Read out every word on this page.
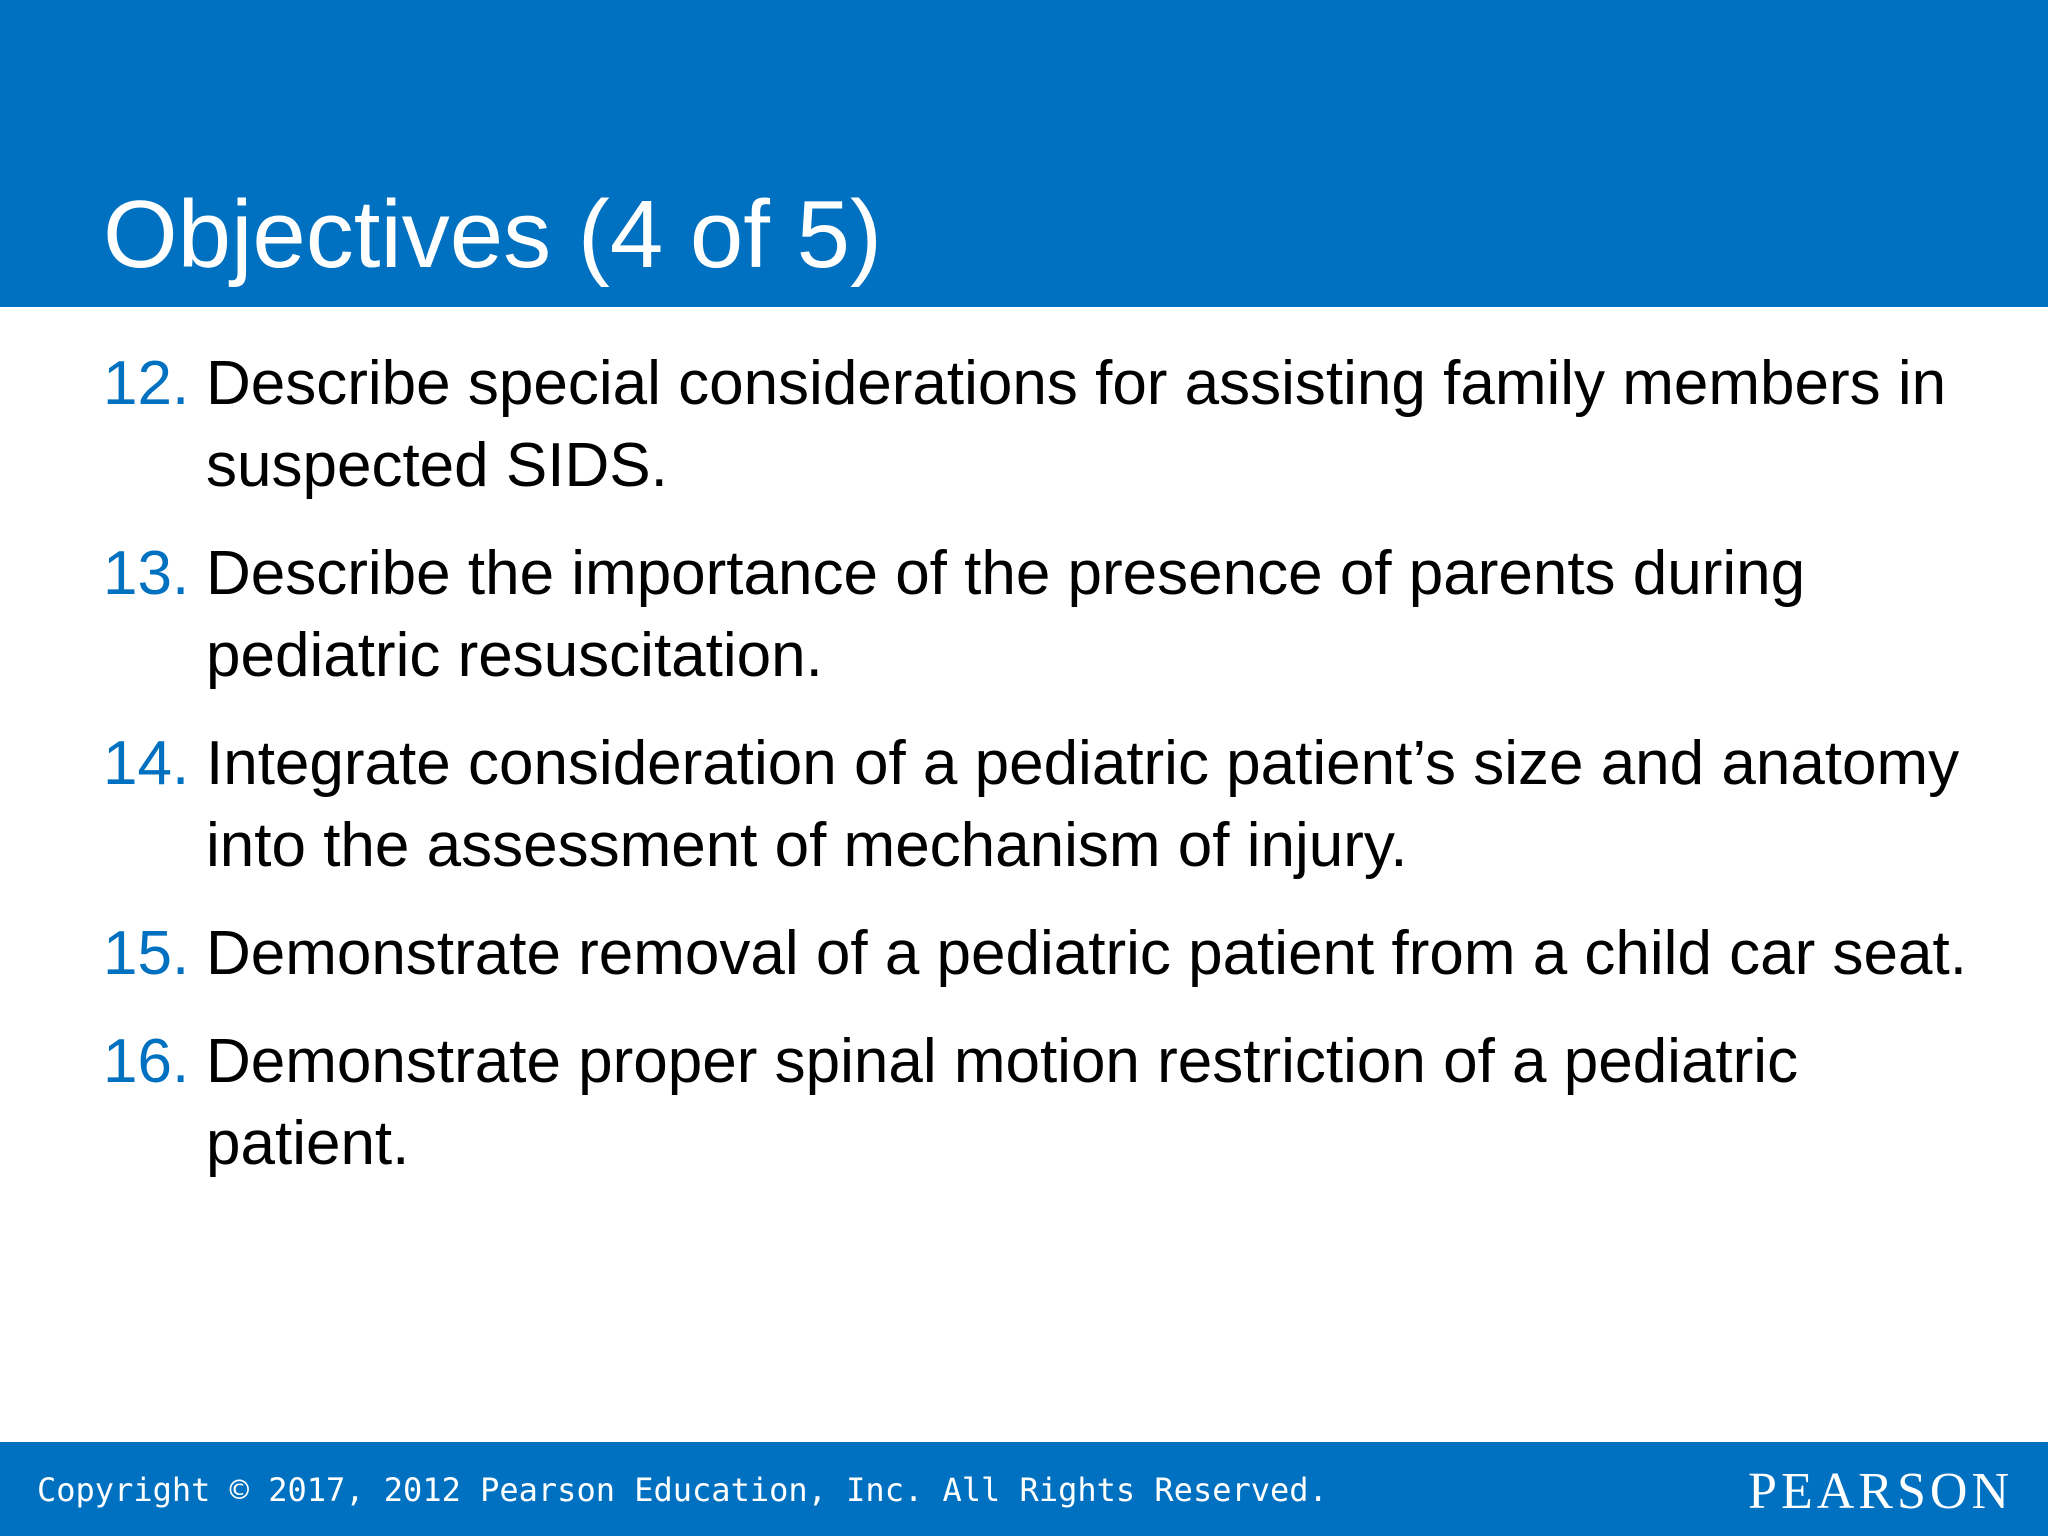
Objectives (4 of 5)
12. Describe special considerations for assisting family members in suspected SIDS.
13. Describe the importance of the presence of parents during pediatric resuscitation.
14. Integrate consideration of a pediatric patient’s size and anatomy into the assessment of mechanism of injury.
15. Demonstrate removal of a pediatric patient from a child car seat.
16. Demonstrate proper spinal motion restriction of a pediatric patient.
Copyright © 2017, 2012 Pearson Education, Inc. All Rights Reserved.	PEARSON
